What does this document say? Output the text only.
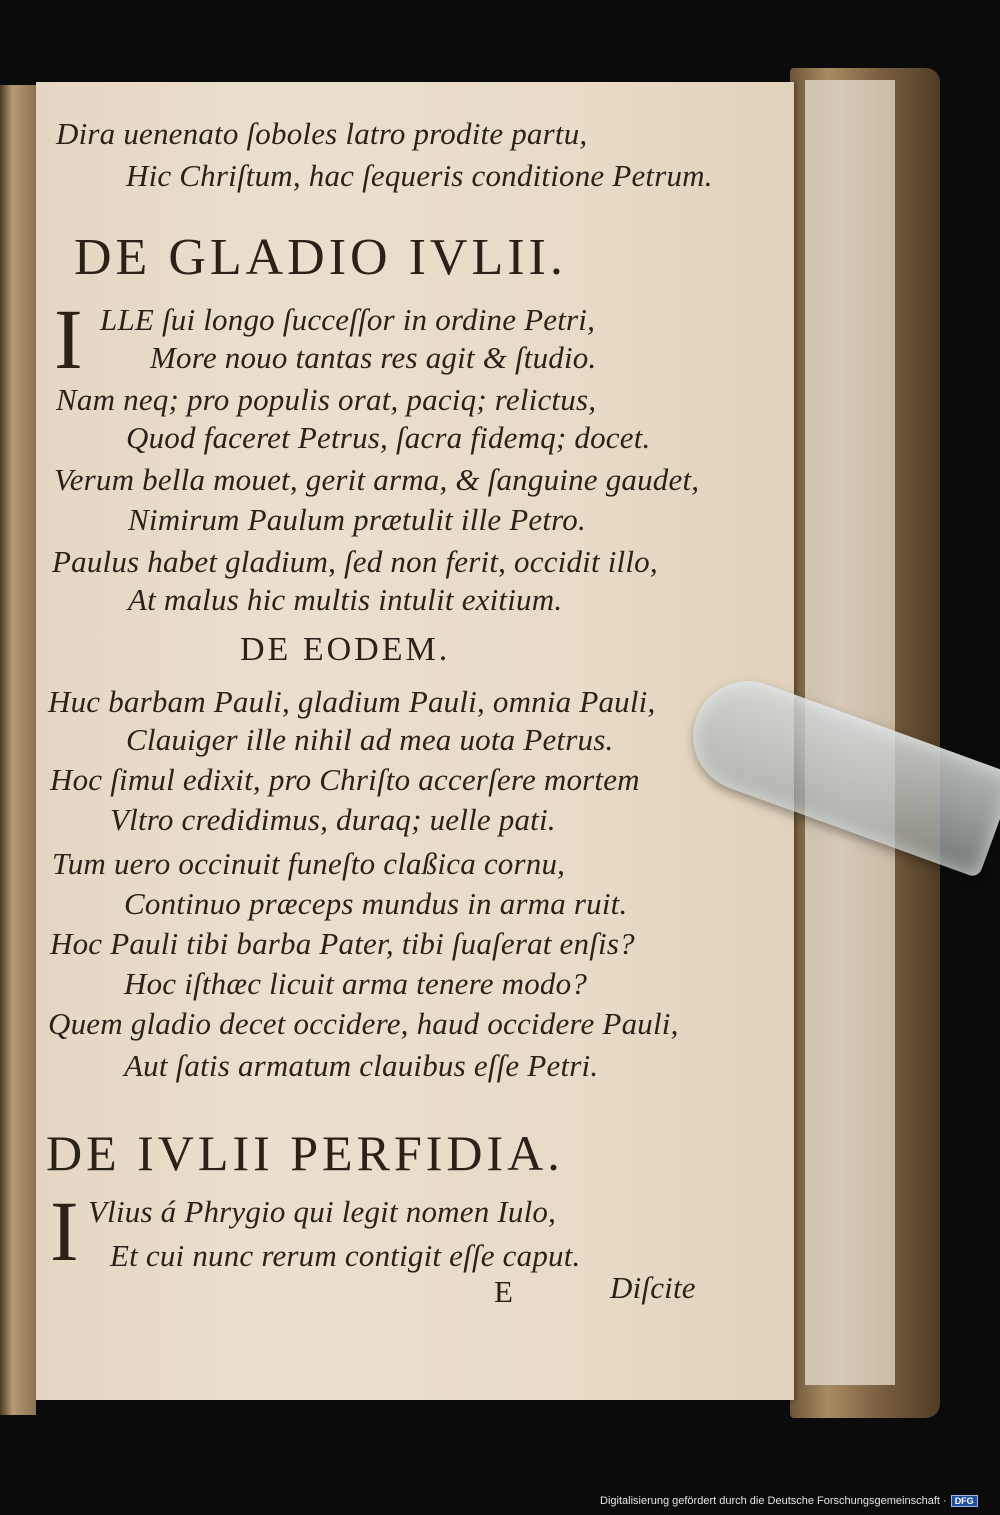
Dira uenenato ſoboles latro prodite partu,
Hic Chriſtum, hac ſequeris conditione Petrum.
DE GLADIO IVLII.
I LLE ſui longo ſucceſſor in ordine Petri,
More nouo tantas res agit & ſtudio.
Nam neq; pro populis orat, paciq; relictus,
Quod faceret Petrus, ſacra fidemq; docet.
Verum bella mouet, gerit arma, & ſanguine gaudet,
Nimirum Paulum prætulit ille Petro.
Paulus habet gladium, ſed non ferit, occidit illo,
At malus hic multis intulit exitium.
DE EODEM.
Huc barbam Pauli, gladium Pauli, omnia Pauli,
Clauiger ille nihil ad mea uota Petrus.
Hoc ſimul edixit, pro Chriſto accerſere mortem
Vltro credidimus, duraq; uelle pati.
Tum uero occinuit funeſto claßica cornu,
Continuo præceps mundus in arma ruit.
Hoc Pauli tibi barba Pater, tibi ſuaſerat enſis?
Hoc iſthæc licuit arma tenere modo?
Quem gladio decet occidere, haud occidere Pauli,
Aut ſatis armatum clauibus eſſe Petri.
DE IVLII PERFIDIA.
I Vlius á Phrygio qui legit nomen Iulo,
Et cui nunc rerum contigit eſſe caput.
E	Diſcite
Digitalisierung gefördert durch die Deutsche Forschungsgemeinschaft · DFG
